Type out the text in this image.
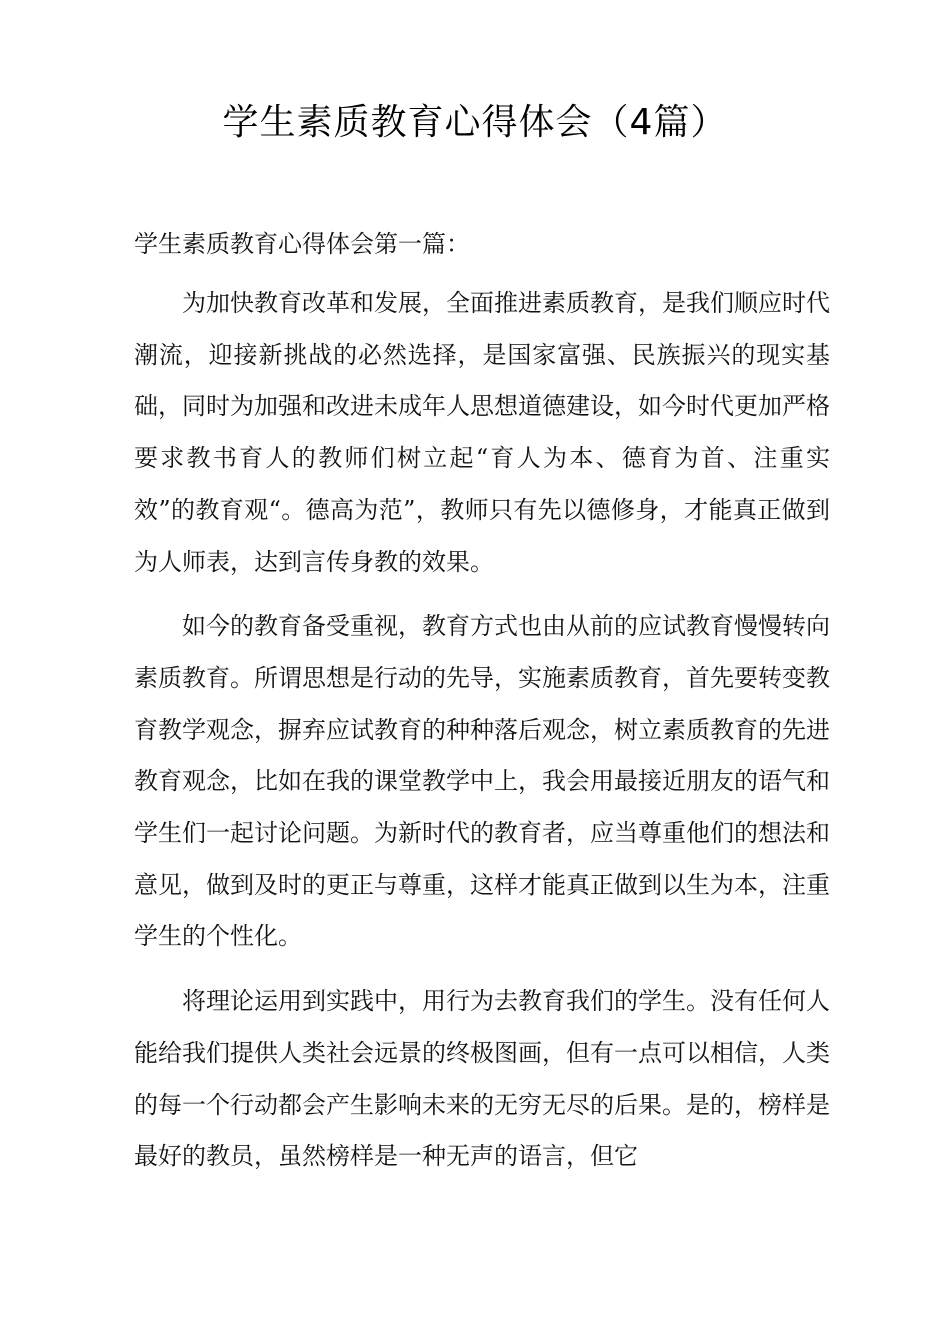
学生素质教育心得体会（4篇）

学生素质教育心得体会第一篇：

为加快教育改革和发展，全面推进素质教育，是我们顺应时代潮流，迎接新挑战的必然选择，是国家富强、民族振兴的现实基础，同时为加强和改进未成年人思想道德建设，如今时代更加严格要求教书育人的教师们树立起“育人为本、德育为首、注重实效”的教育观“。德高为范”，教师只有先以德修身，才能真正做到为人师表，达到言传身教的效果。

如今的教育备受重视，教育方式也由从前的应试教育慢慢转向素质教育。所谓思想是行动的先导，实施素质教育，首先要转变教育教学观念，摒弃应试教育的种种落后观念，树立素质教育的先进教育观念，比如在我的课堂教学中上，我会用最接近朋友的语气和学生们一起讨论问题。为新时代的教育者，应当尊重他们的想法和意见，做到及时的更正与尊重，这样才能真正做到以生为本，注重学生的个性化。

将理论运用到实践中，用行为去教育我们的学生。没有任何人能给我们提供人类社会远景的终极图画，但有一点可以相信，人类的每一个行动都会产生影响未来的无穷无尽的后果。是的，榜样是最好的教员，虽然榜样是一种无声的语言，但它
